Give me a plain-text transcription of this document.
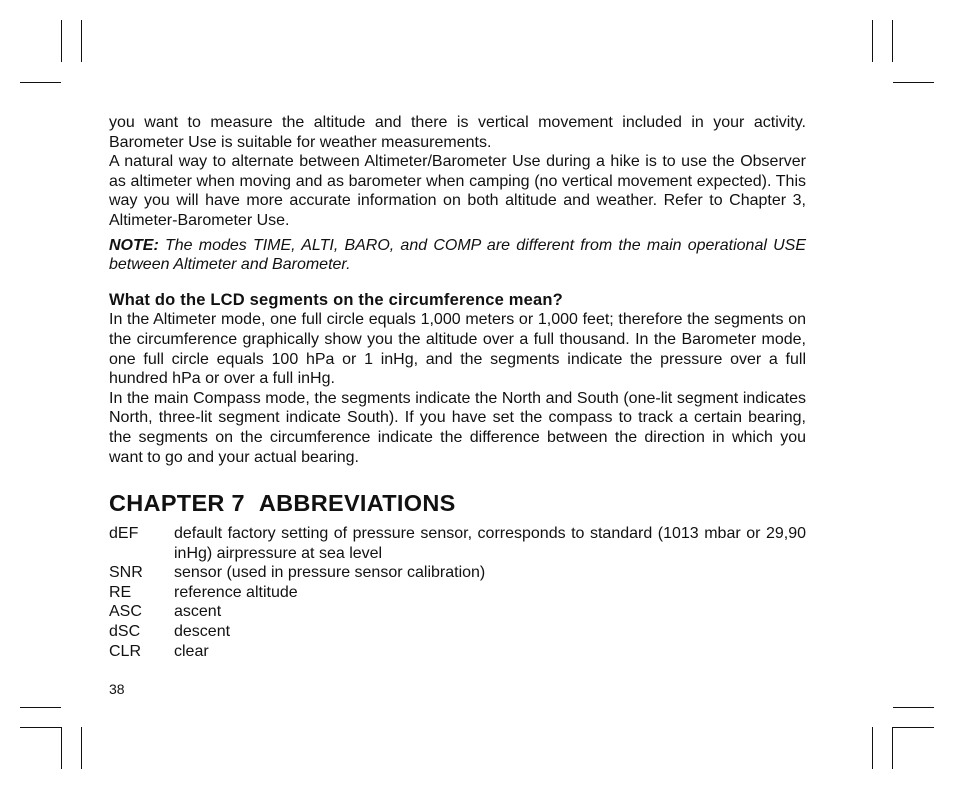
you want to measure the altitude and there is vertical movement included in your activity. Barometer Use is suitable for weather measurements.

A natural way to alternate between Altimeter/Barometer Use during a hike is to use the Observer as altimeter when moving and as barometer when camping (no vertical movement expected). This way you will have more accurate information on both altitude and weather. Refer to Chapter 3, Altimeter-Barometer Use.

NOTE: The modes TIME, ALTI, BARO, and COMP are different from the main operational USE between Altimeter and Barometer.

What do the LCD segments on the circumference mean?

In the Altimeter mode, one full circle equals 1,000 meters or 1,000 feet; therefore the segments on the circumference graphically show you the altitude over a full thousand. In the Barometer mode, one full circle equals 100 hPa or 1 inHg, and the segments indicate the pressure over a full hundred hPa or over a full inHg.

In the main Compass mode, the segments indicate the North and South (one-lit segment indicates North, three-lit segment indicate South). If you have set the compass to track a certain bearing, the segments on the circumference indicate the difference between the direction in which you want to go and your actual bearing.

CHAPTER 7 ABBREVIATIONS
dEF	default factory setting of pressure sensor, corresponds to standard (1013 mbar or 29,90 inHg) airpressure at sea level
SNR	sensor (used in pressure sensor calibration)
RE	reference altitude
ASC	ascent
dSC	descent
CLR	clear
38
